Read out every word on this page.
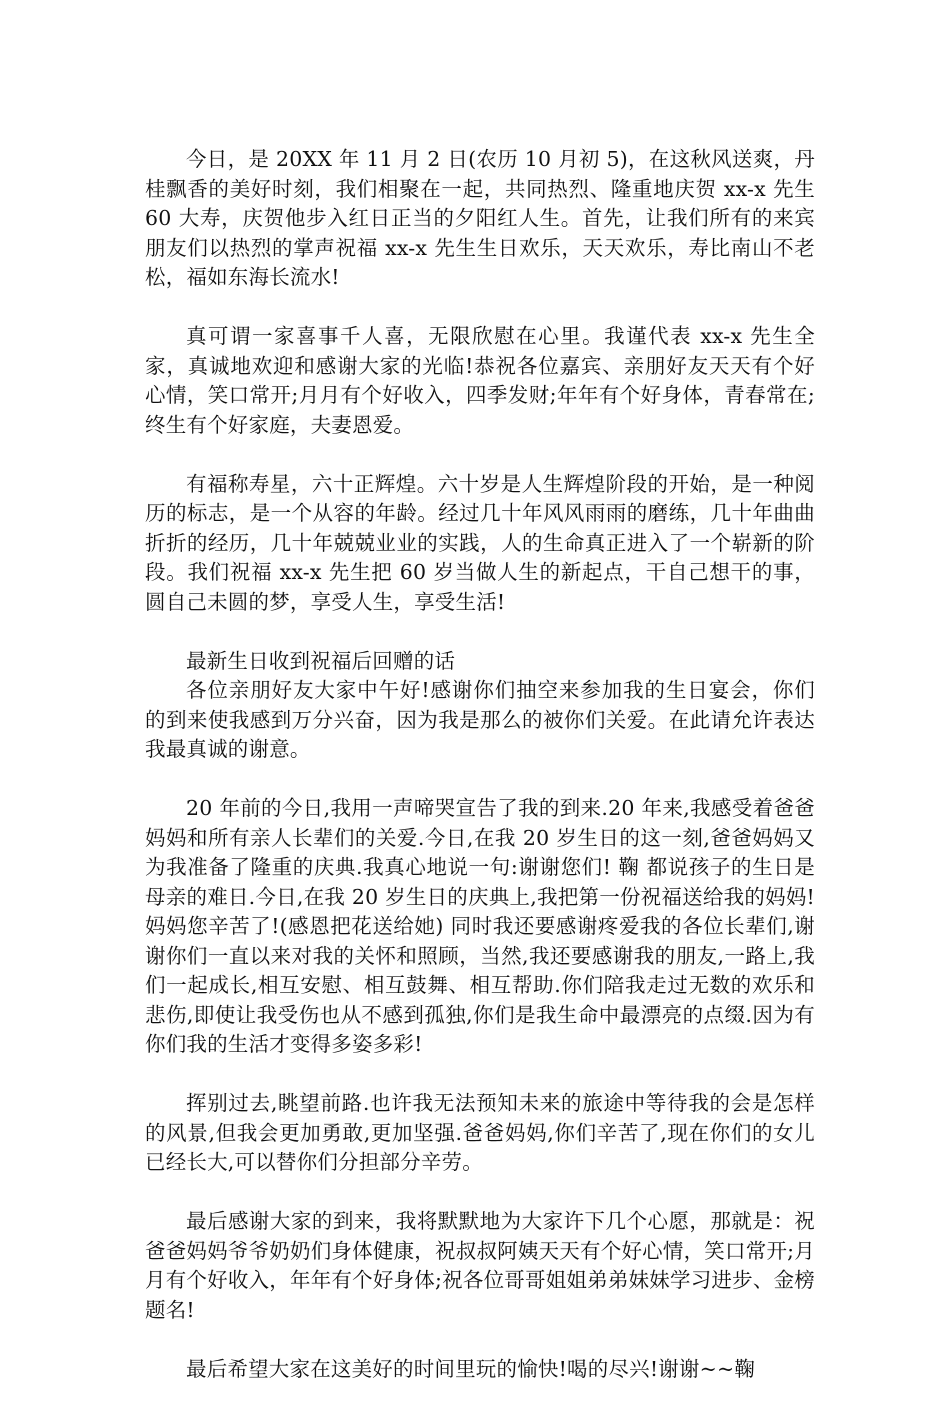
今日，是 20XX 年 11 月 2 日(农历 10 月初 5)，在这秋风送爽，丹桂飘香的美好时刻，我们相聚在一起，共同热烈、隆重地庆贺 xx-x 先生 60 大寿，庆贺他步入红日正当的夕阳红人生。首先，让我们所有的来宾朋友们以热烈的掌声祝福 xx-x 先生生日欢乐，天天欢乐，寿比南山不老松，福如东海长流水!

真可谓一家喜事千人喜，无限欣慰在心里。我谨代表 xx-x 先生全家，真诚地欢迎和感谢大家的光临!恭祝各位嘉宾、亲朋好友天天有个好心情，笑口常开;月月有个好收入，四季发财;年年有个好身体，青春常在;终生有个好家庭，夫妻恩爱。

有福称寿星，六十正辉煌。六十岁是人生辉煌阶段的开始，是一种阅历的标志，是一个从容的年龄。经过几十年风风雨雨的磨练，几十年曲曲折折的经历，几十年兢兢业业的实践，人的生命真正进入了一个崭新的阶段。我们祝福 xx-x 先生把 60 岁当做人生的新起点，干自己想干的事，圆自己未圆的梦，享受人生，享受生活!

最新生日收到祝福后回赠的话

各位亲朋好友大家中午好!感谢你们抽空来参加我的生日宴会，你们的到来使我感到万分兴奋，因为我是那么的被你们关爱。在此请允许表达我最真诚的谢意。

20 年前的今日,我用一声啼哭宣告了我的到来.20 年来,我感受着爸爸妈妈和所有亲人长辈们的关爱.今日,在我 20 岁生日的这一刻,爸爸妈妈又为我准备了隆重的庆典.我真心地说一句:谢谢您们! 鞠 都说孩子的生日是母亲的难日.今日,在我 20 岁生日的庆典上,我把第一份祝福送给我的妈妈!妈妈您辛苦了!(感恩把花送给她) 同时我还要感谢疼爱我的各位长辈们,谢谢你们一直以来对我的关怀和照顾，当然,我还要感谢我的朋友,一路上,我们一起成长,相互安慰、相互鼓舞、相互帮助.你们陪我走过无数的欢乐和悲伤,即使让我受伤也从不感到孤独,你们是我生命中最漂亮的点缀.因为有你们我的生活才变得多姿多彩!

挥别过去,眺望前路.也许我无法预知未来的旅途中等待我的会是怎样的风景,但我会更加勇敢,更加坚强.爸爸妈妈,你们辛苦了,现在你们的女儿已经长大,可以替你们分担部分辛劳。

最后感谢大家的到来，我将默默地为大家许下几个心愿，那就是：祝爸爸妈妈爷爷奶奶们身体健康，祝叔叔阿姨天天有个好心情，笑口常开;月月有个好收入，年年有个好身体;祝各位哥哥姐姐弟弟妹妹学习进步、金榜题名!

最后希望大家在这美好的时间里玩的愉快!喝的尽兴!谢谢~~鞠
